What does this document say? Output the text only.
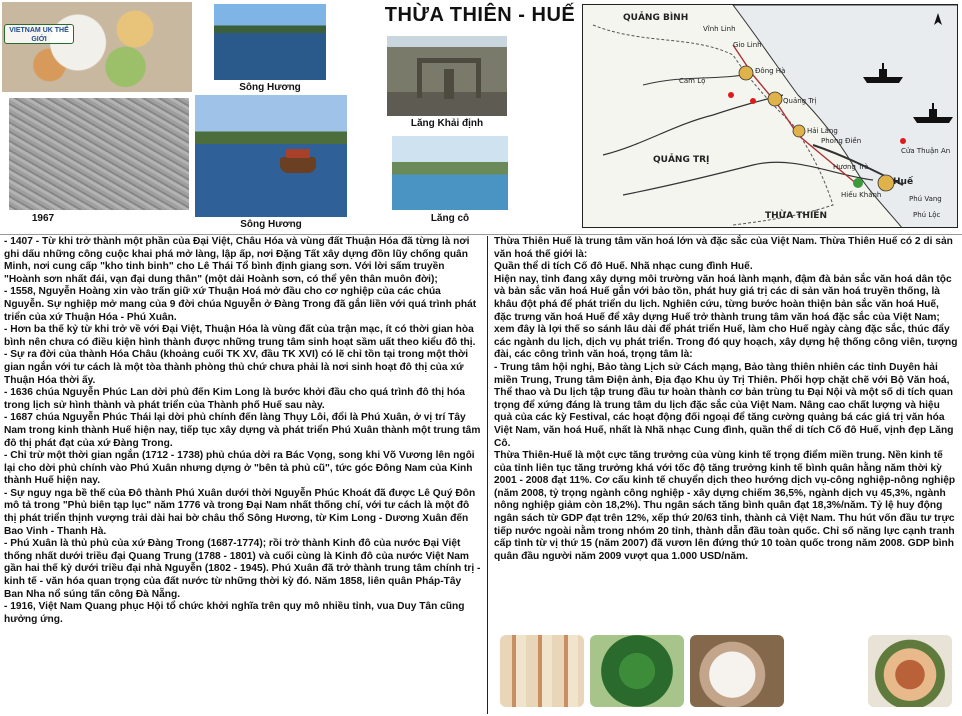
THỪA THIÊN - HUẾ
VIETNAM UK THẾ GIỚI
Sông Hương
Lăng Khải định
1967
Sông Hương
Lăng cô
QUẢNG BÌNH
Đông Hà
Quảng Trị
Hải Lăng
Phong Điền
Cửa Thuận An
Huế
Hiếu Khánh
THỪA THIÊN
QUẢNG TRỊ
Cam Lộ
Gio Linh
Vĩnh Linh
Hương Trà
Phú Vang
Phú Lộc

- 1407 - Từ khi trở thành một phần của Đại Việt, Châu Hóa và vùng đất Thuận Hóa đã từng là nơi ghi dấu những công cuộc khai phá mở làng, lập ấp, nơi Đặng Tất xây dựng đồn lũy chống quân Minh, nơi cung cấp "kho tinh binh" cho Lê Thái Tổ bình định giang sơn. Với lời sấm truyền "Hoành sơn nhất đái, vạn đại dung thân" (một dải Hoành sơn, có thể yên thân muôn đời);

- 1558, Nguyễn Hoàng xin vào trấn giữ xứ Thuận Hoá mở đầu cho cơ nghiệp của các chúa Nguyễn. Sự nghiệp mở mang của 9 đời chúa Nguyễn ở Đàng Trong đã gắn liền với quá trình phát triển của xứ Thuận Hóa - Phú Xuân.

- Hơn ba thế kỷ từ khi trở về với Đại Việt, Thuận Hóa là vùng đất của trận mạc, ít có thời gian hòa bình nên chưa có điều kiện hình thành được những trung tâm sinh hoạt sầm uất theo kiểu đô thị.

- Sự ra đời của thành Hóa Châu (khoảng cuối TK XV, đầu TK XVI) có lẽ chỉ tồn tại trong một thời gian ngắn với tư cách là một tòa thành phòng thủ chứ chưa phải là nơi sinh hoạt đô thị của xứ Thuận Hóa thời ấy.

- 1636 chúa Nguyễn Phúc Lan dời phủ đến Kim Long là bước khởi đầu cho quá trình đô thị hóa trong lịch sử hình thành và phát triển của Thành phố Huế sau này.

- 1687 chúa Nguyễn Phúc Thái lại dời phủ chính đến làng Thụy Lôi, đổi là Phú Xuân, ở vị trí Tây Nam trong kinh thành Huế hiện nay, tiếp tục xây dựng và phát triển Phú Xuân thành một trung tâm đô thị phát đạt của xứ Đàng Trong.

- Chỉ trừ một thời gian ngắn (1712 - 1738) phủ chúa dời ra Bác Vọng, song khi Võ Vương lên ngôi lại cho dời phủ chính vào Phú Xuân nhưng dựng ở "bên tả phủ cũ", tức góc Đông Nam của Kinh thành Huế hiện nay.

- Sự nguy nga bề thế của Đô thành Phú Xuân dưới thời Nguyễn Phúc Khoát đã được Lê Quý Đôn mô tả trong "Phủ biên tạp lục" năm 1776 và trong Đại Nam nhất thống chí, với tư cách là một đô thị phát triển thịnh vượng trải dài hai bờ châu thổ Sông Hương, từ Kim Long - Dương Xuân đến Bao Vinh - Thanh Hà.

- Phú Xuân là thủ phủ của xứ Đàng Trong (1687-1774); rồi trở thành Kinh đô của nước Đại Việt thống nhất dưới triều đại Quang Trung (1788 - 1801) và cuối cùng là Kinh đô của nước Việt Nam gần hai thế kỷ dưới triều đại nhà Nguyễn (1802 - 1945). Phú Xuân đã trở thành trung tâm chính trị - kinh tế - văn hóa quan trọng của đất nước từ những thời kỳ đó. Năm 1858, liên quân Pháp-Tây Ban Nha nổ súng tấn công Đà Nẵng.

- 1916, Việt Nam Quang phục Hội tổ chức khởi nghĩa trên quy mô nhiều tỉnh, vua Duy Tân cũng hưởng ứng.

Thừa Thiên Huế là trung tâm văn hoá lớn và đặc sắc của Việt Nam. Thừa Thiên Huế có 2 di sản văn hoá thế giới là:

Quần thể di tích Cố đô Huế. Nhã nhạc cung đình Huế.

Hiện nay, tỉnh đang xây dựng môi trường văn hoá lành mạnh, đậm đà bản sắc văn hoá dân tộc và bản sắc văn hoá Huế gắn với bảo tồn, phát huy giá trị các di sản văn hoá truyền thống, là khâu đột phá để phát triển du lịch. Nghiên cứu, từng bước hoàn thiện bản sắc văn hoá Huế, đặc trưng văn hoá Huế để xây dựng Huế trở thành trung tâm văn hoá đặc sắc của Việt Nam; xem đây là lợi thế so sánh lâu dài để phát triển Huế, làm cho Huế ngày càng đặc sắc, thúc đẩy các ngành du lịch, dịch vụ phát triển. Trong đó quy hoạch, xây dựng hệ thống công viên, tượng đài, các công trình văn hoá, trọng tâm là:

- Trung tâm hội nghị, Bảo tàng Lịch sử Cách mạng, Bảo tàng thiên nhiên các tỉnh Duyên hải miền Trung, Trung tâm Điện ảnh, Địa đạo Khu ủy Trị Thiên. Phối hợp chặt chẽ với Bộ Văn hoá, Thể thao và Du lịch tập trung đầu tư hoàn thành cơ bản trùng tu Đại Nội và một số di tích quan trọng để xứng đáng là trung tâm du lịch đặc sắc của Việt Nam. Nâng cao chất lượng và hiệu quả của các kỳ Festival, các hoạt động đối ngoại để tăng cường quảng bá các giá trị văn hóa Việt Nam, văn hoá Huế, nhất là Nhã nhạc Cung đình, quần thể di tích Cố đô Huế, vịnh đẹp Lăng Cô.

Thừa Thiên-Huế là một cực tăng trưởng của vùng kinh tế trọng điểm miền trung. Nền kinh tế của tỉnh liên tục tăng trưởng khá với tốc độ tăng trưởng kinh tế bình quân hằng năm thời kỳ 2001 - 2008 đạt 11%. Cơ cấu kinh tế chuyển dịch theo hướng dịch vụ-công nghiệp-nông nghiệp (năm 2008, tỷ trọng ngành công nghiệp - xây dựng chiếm 36,5%, ngành dịch vụ 45,3%, ngành nông nghiệp giảm còn 18,2%). Thu ngân sách tăng bình quân đạt 18,3%/năm. Tỷ lệ huy động ngân sách từ GDP đạt trên 12%, xếp thứ 20/63 tỉnh, thành cả Việt Nam. Thu hút vốn đầu tư trực tiếp nước ngoài nằm trong nhóm 20 tỉnh, thành dẫn đầu toàn quốc. Chỉ số năng lực cạnh tranh cấp tỉnh từ vị thứ 15 (năm 2007) đã vươn lên đứng thứ 10 toàn quốc trong năm 2008. GDP bình quân đầu người năm 2009 vượt qua 1.000 USD/năm.
